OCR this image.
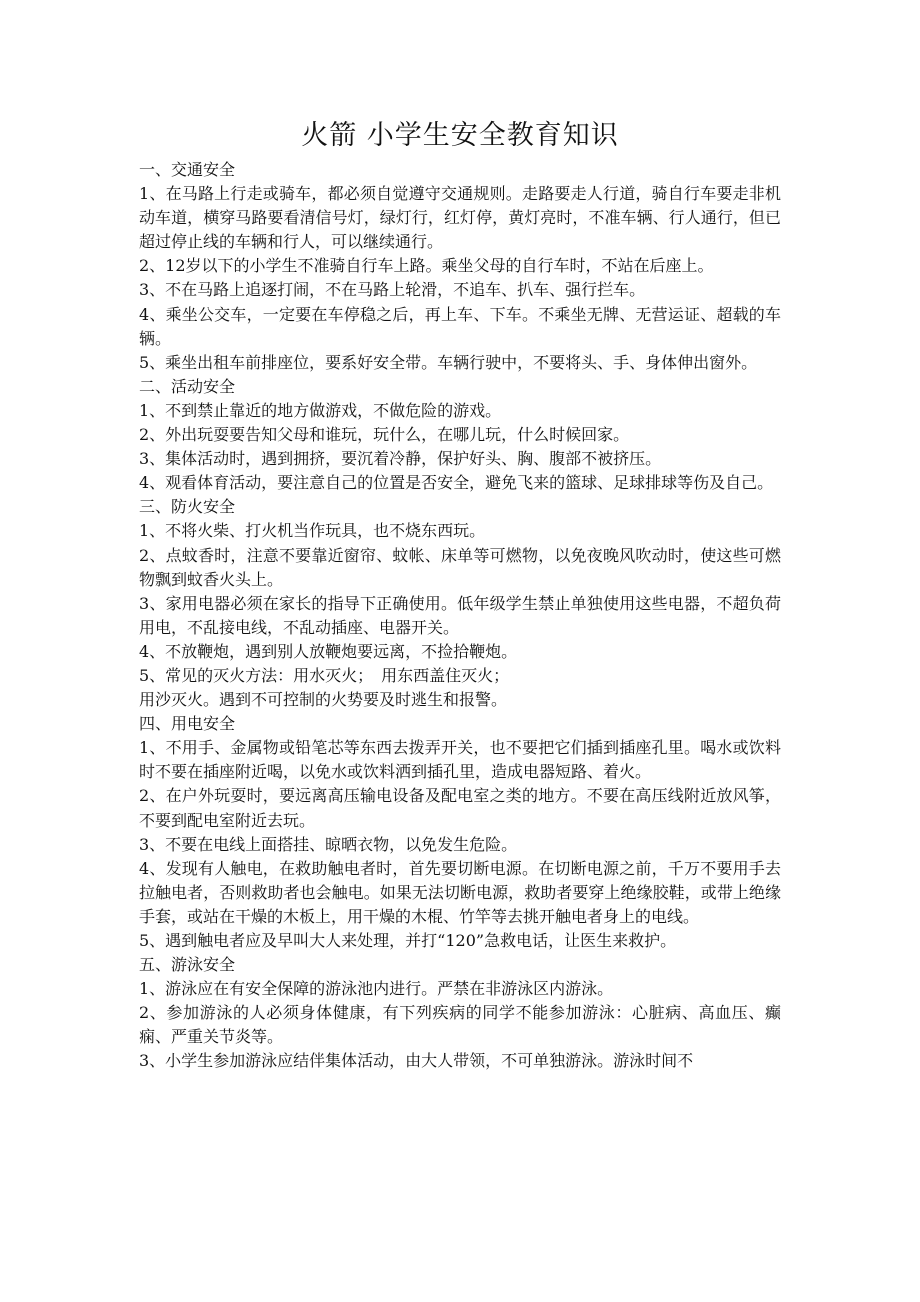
火箭 小学生安全教育知识
一、交通安全
1、在马路上行走或骑车，都必须自觉遵守交通规则。走路要走人行道，骑自行车要走非机动车道，横穿马路要看清信号灯，绿灯行，红灯停，黄灯亮时，不准车辆、行人通行，但已超过停止线的车辆和行人，可以继续通行。
2、12岁以下的小学生不准骑自行车上路。乘坐父母的自行车时，不站在后座上。
3、不在马路上追逐打闹，不在马路上轮滑，不追车、扒车、强行拦车。
4、乘坐公交车，一定要在车停稳之后，再上车、下车。不乘坐无牌、无营运证、超载的车辆。
5、乘坐出租车前排座位，要系好安全带。车辆行驶中，不要将头、手、身体伸出窗外。
二、活动安全
1、不到禁止靠近的地方做游戏，不做危险的游戏。
2、外出玩耍要告知父母和谁玩，玩什么，在哪儿玩，什么时候回家。
3、集体活动时，遇到拥挤，要沉着冷静，保护好头、胸、腹部不被挤压。
4、观看体育活动，要注意自己的位置是否安全，避免飞来的篮球、足球排球等伤及自己。
三、防火安全
1、不将火柴、打火机当作玩具，也不烧东西玩。
2、点蚊香时，注意不要靠近窗帘、蚊帐、床单等可燃物，以免夜晚风吹动时，使这些可燃物飘到蚊香火头上。
3、家用电器必须在家长的指导下正确使用。低年级学生禁止单独使用这些电器，不超负荷用电，不乱接电线，不乱动插座、电器开关。
4、不放鞭炮，遇到别人放鞭炮要远离，不捡拾鞭炮。
5、常见的灭火方法：用水灭火；　用东西盖住灭火；
用沙灭火。遇到不可控制的火势要及时逃生和报警。
四、用电安全
1、不用手、金属物或铅笔芯等东西去拨弄开关，也不要把它们插到插座孔里。喝水或饮料时不要在插座附近喝，以免水或饮料洒到插孔里，造成电器短路、着火。
2、在户外玩耍时，要远离高压输电设备及配电室之类的地方。不要在高压线附近放风筝，不要到配电室附近去玩。
3、不要在电线上面搭挂、晾晒衣物，以免发生危险。
4、发现有人触电，在救助触电者时，首先要切断电源。在切断电源之前，千万不要用手去拉触电者，否则救助者也会触电。如果无法切断电源，救助者要穿上绝缘胶鞋，或带上绝缘手套，或站在干燥的木板上，用干燥的木棍、竹竿等去挑开触电者身上的电线。
5、遇到触电者应及早叫大人来处理，并打“120”急救电话，让医生来救护。
五、游泳安全
1、游泳应在有安全保障的游泳池内进行。严禁在非游泳区内游泳。
2、参加游泳的人必须身体健康，有下列疾病的同学不能参加游泳：心脏病、高血压、癫痫、严重关节炎等。
3、小学生参加游泳应结伴集体活动，由大人带领，不可单独游泳。游泳时间不
